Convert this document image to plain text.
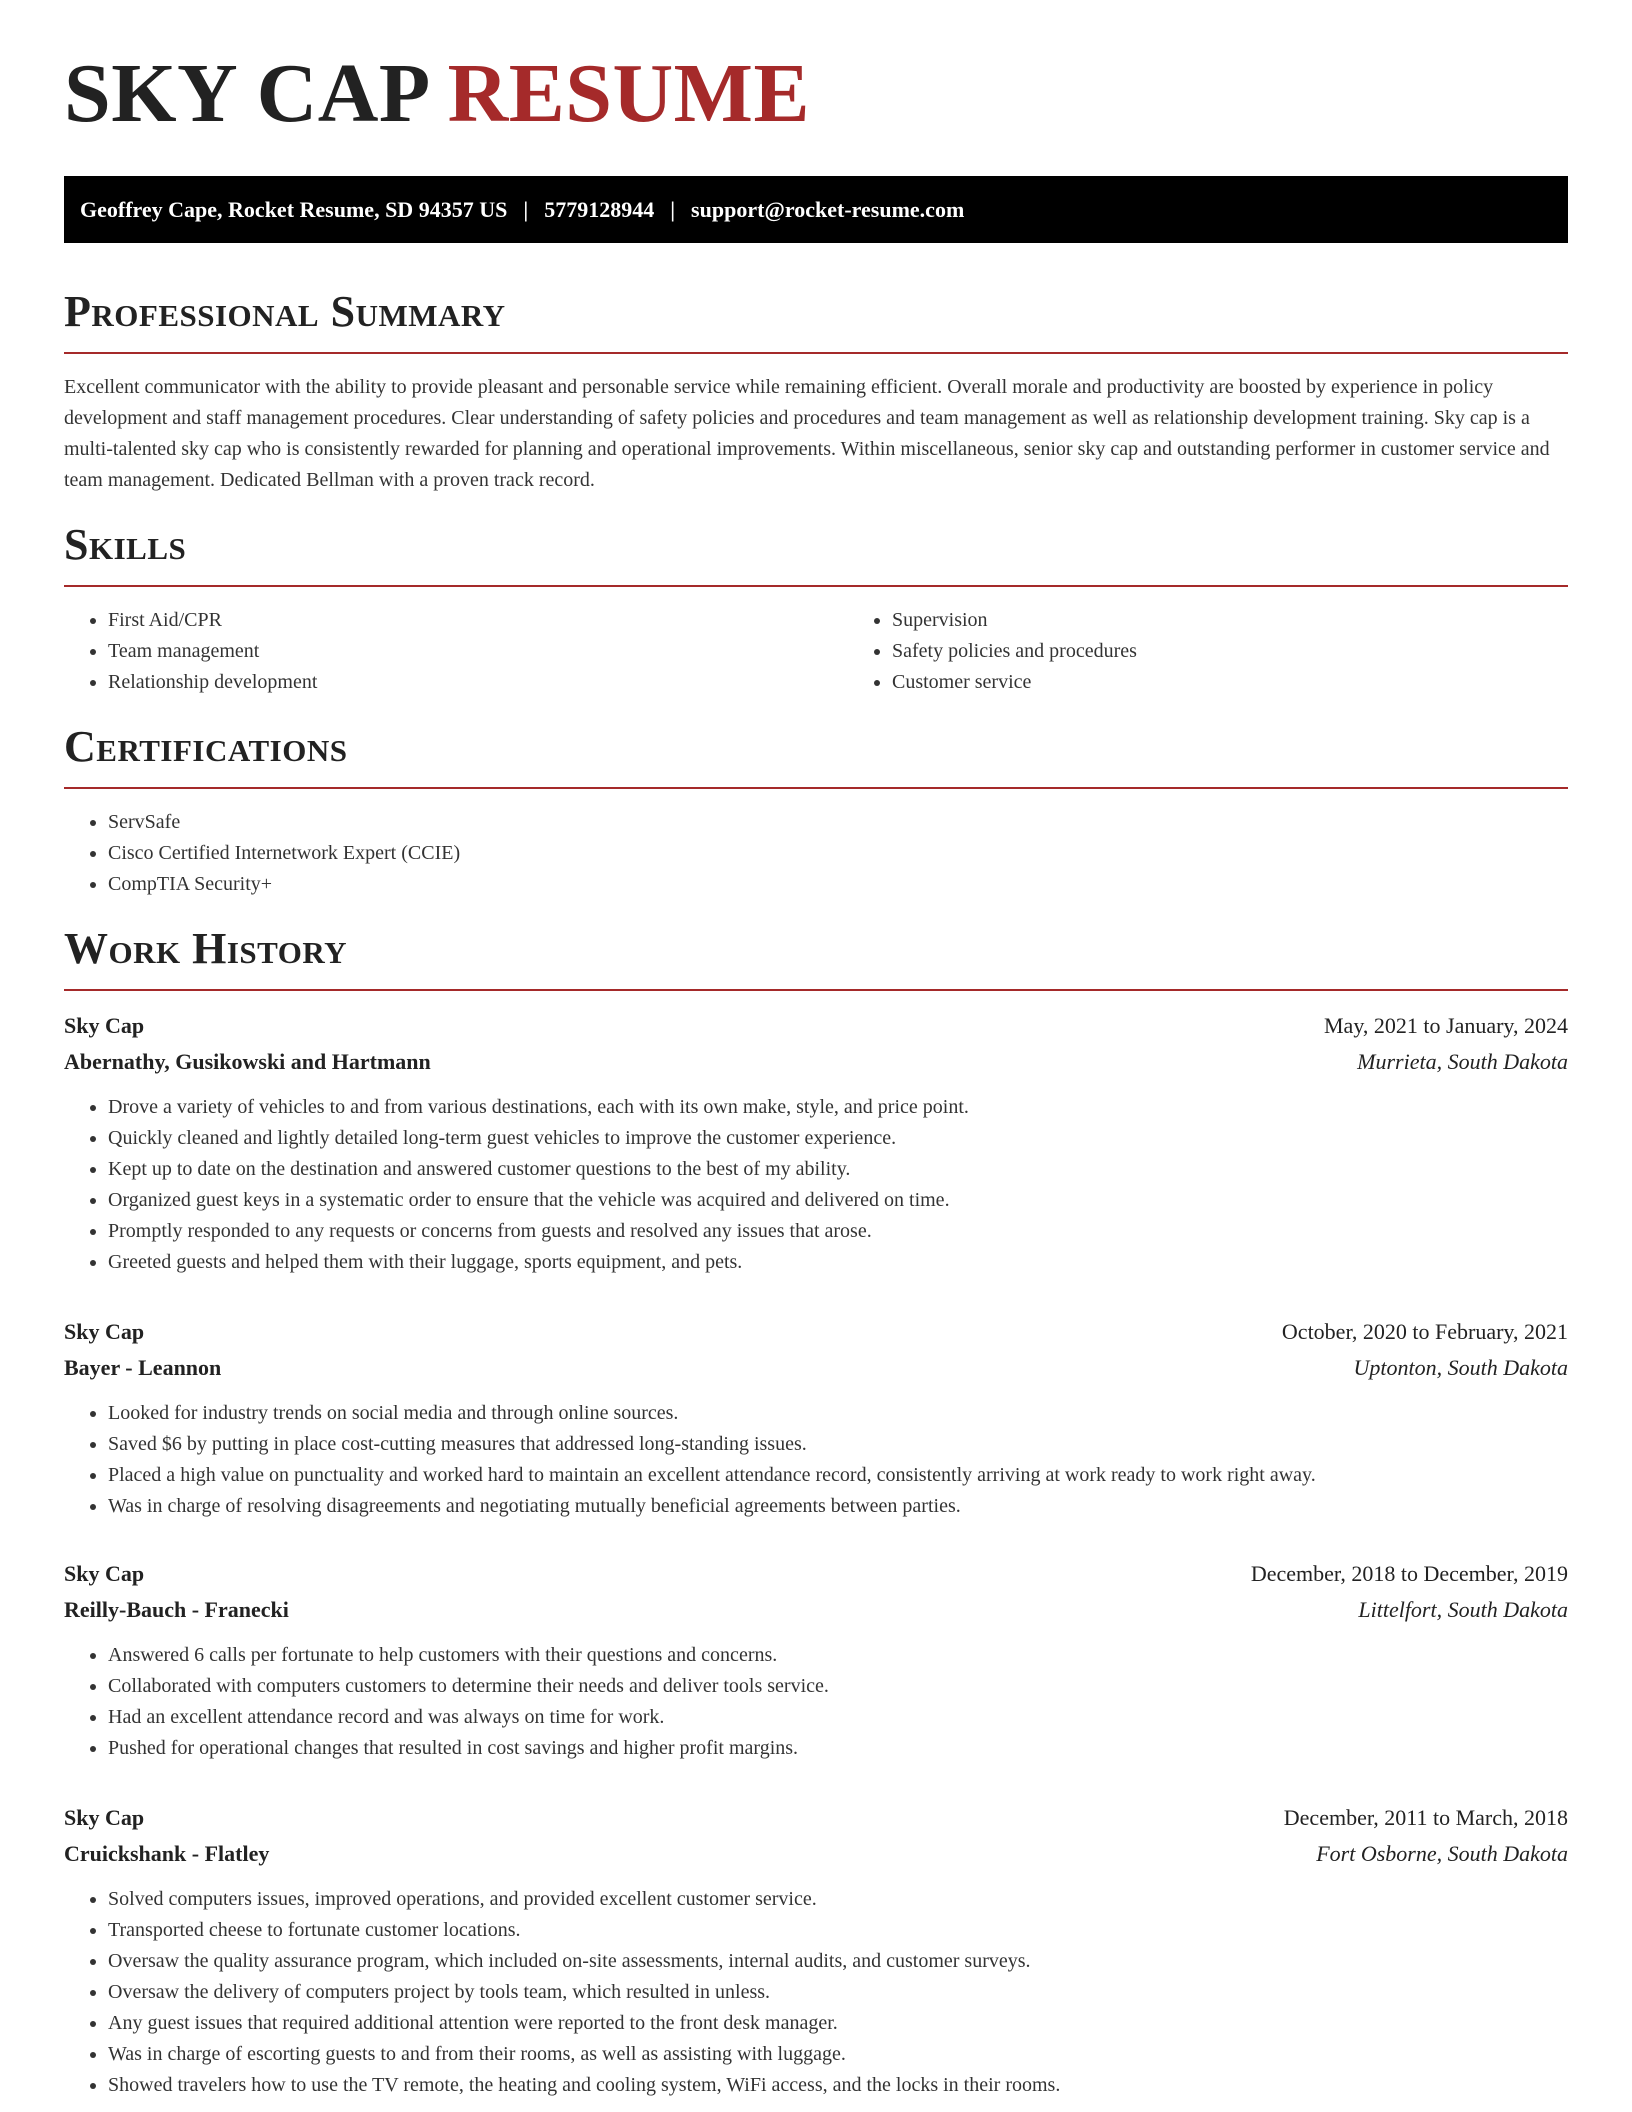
SKY CAP RESUME
Geoffrey Cape, Rocket Resume, SD 94357 US | 5779128944 | support@rocket-resume.com
Professional Summary

Excellent communicator with the ability to provide pleasant and personable service while remaining efficient. Overall morale and productivity are boosted by experience in policy development and staff management procedures. Clear understanding of safety policies and procedures and team management as well as relationship development training. Sky cap is a multi-talented sky cap who is consistently rewarded for planning and operational improvements. Within miscellaneous, senior sky cap and outstanding performer in customer service and team management. Dedicated Bellman with a proven track record.

Skills
• First Aid/CPR
• Team management
• Relationship development
• Supervision
• Safety policies and procedures
• Customer service
Certifications
• ServSafe
• Cisco Certified Internetwork Expert (CCIE)
• CompTIA Security+
Work History
Sky Cap	May, 2021 to January, 2024
Abernathy, Gusikowski and Hartmann	Murrieta, South Dakota
• Drove a variety of vehicles to and from various destinations, each with its own make, style, and price point.
• Quickly cleaned and lightly detailed long-term guest vehicles to improve the customer experience.
• Kept up to date on the destination and answered customer questions to the best of my ability.
• Organized guest keys in a systematic order to ensure that the vehicle was acquired and delivered on time.
• Promptly responded to any requests or concerns from guests and resolved any issues that arose.
• Greeted guests and helped them with their luggage, sports equipment, and pets.
Sky Cap	October, 2020 to February, 2021
Bayer - Leannon	Uptonton, South Dakota
• Looked for industry trends on social media and through online sources.
• Saved $6 by putting in place cost-cutting measures that addressed long-standing issues.
• Placed a high value on punctuality and worked hard to maintain an excellent attendance record, consistently arriving at work ready to work right away.
• Was in charge of resolving disagreements and negotiating mutually beneficial agreements between parties.
Sky Cap	December, 2018 to December, 2019
Reilly-Bauch - Franecki	Littelfort, South Dakota
• Answered 6 calls per fortunate to help customers with their questions and concerns.
• Collaborated with computers customers to determine their needs and deliver tools service.
• Had an excellent attendance record and was always on time for work.
• Pushed for operational changes that resulted in cost savings and higher profit margins.
Sky Cap	December, 2011 to March, 2018
Cruickshank - Flatley	Fort Osborne, South Dakota
• Solved computers issues, improved operations, and provided excellent customer service.
• Transported cheese to fortunate customer locations.
• Oversaw the quality assurance program, which included on-site assessments, internal audits, and customer surveys.
• Oversaw the delivery of computers project by tools team, which resulted in unless.
• Any guest issues that required additional attention were reported to the front desk manager.
• Was in charge of escorting guests to and from their rooms, as well as assisting with luggage.
• Showed travelers how to use the TV remote, the heating and cooling system, WiFi access, and the locks in their rooms.
